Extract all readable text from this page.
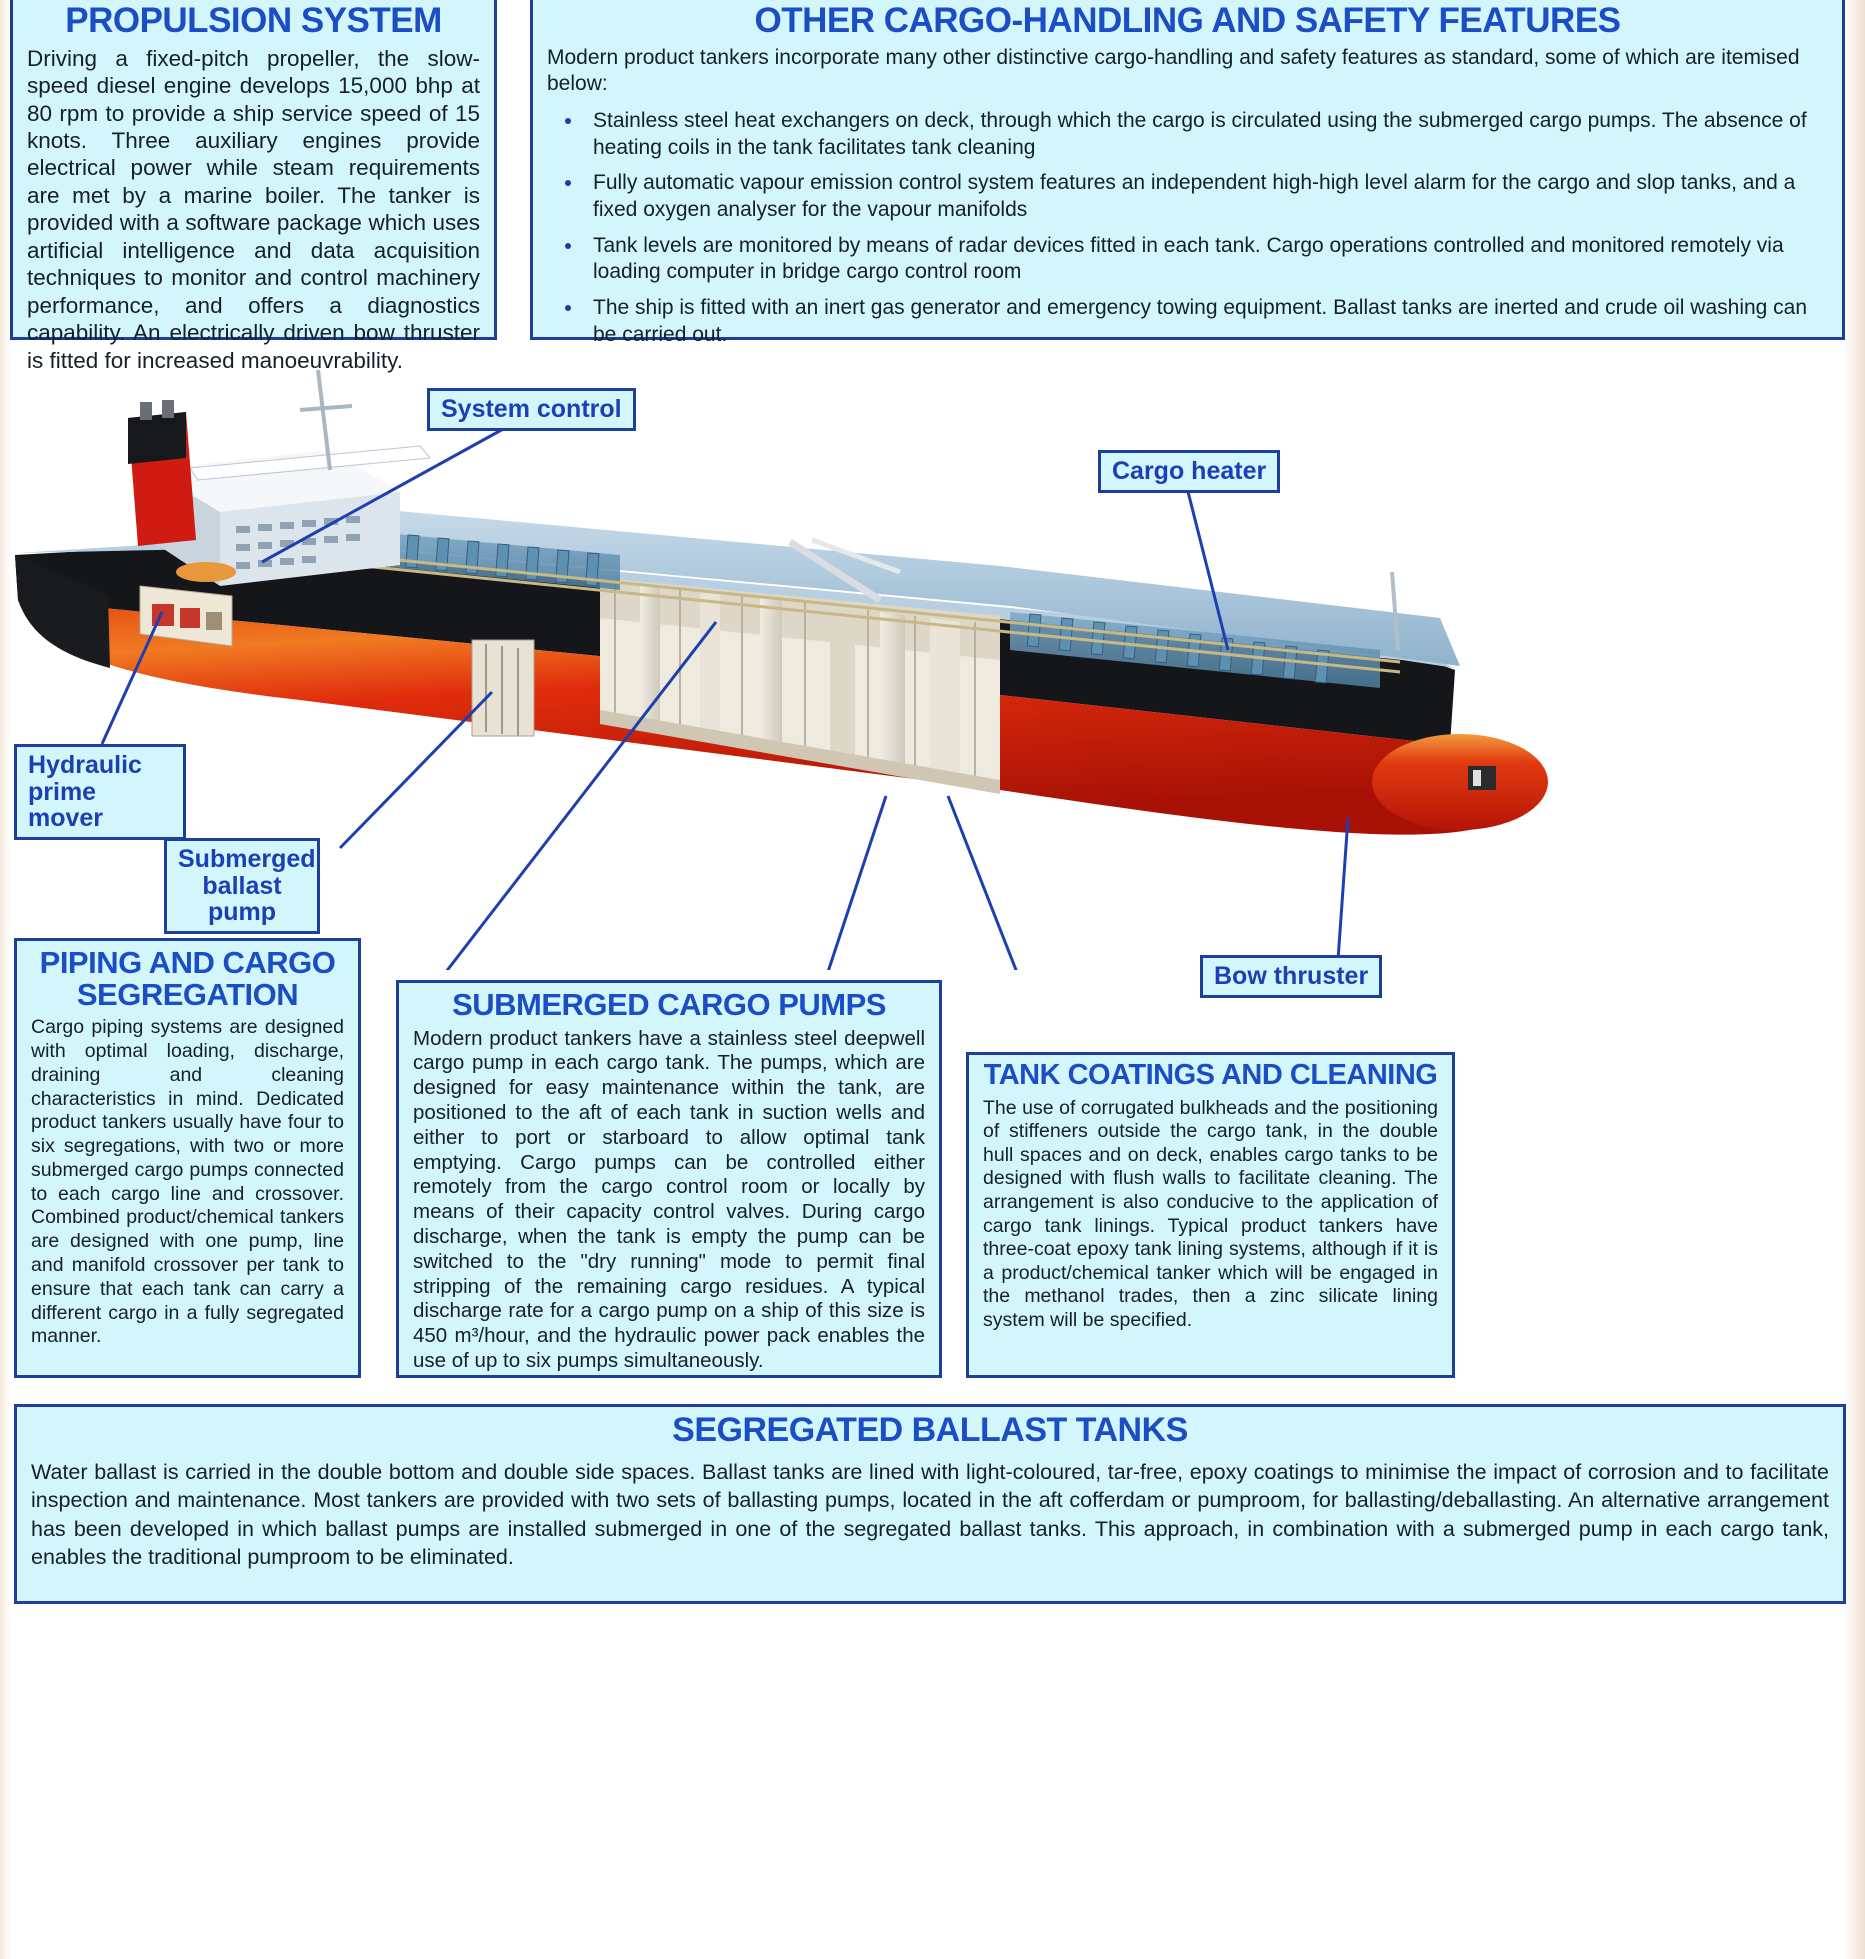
PROPULSION SYSTEM

Driving a fixed-pitch propeller, the slow-speed diesel engine develops 15,000 bhp at 80 rpm to provide a ship service speed of 15 knots. Three auxiliary engines provide electrical power while steam requirements are met by a marine boiler. The tanker is provided with a software package which uses artificial intelligence and data acquisition techniques to monitor and control machinery performance, and offers a diagnostics capability. An electrically driven bow thruster is fitted for increased manoeuvrability.

OTHER CARGO-HANDLING AND SAFETY FEATURES

Modern product tankers incorporate many other distinctive cargo-handling and safety features as standard, some of which are itemised below:

Stainless steel heat exchangers on deck, through which the cargo is circulated using the submerged cargo pumps. The absence of heating coils in the tank facilitates tank cleaning
Fully automatic vapour emission control system features an independent high-high level alarm for the cargo and slop tanks, and a fixed oxygen analyser for the vapour manifolds
Tank levels are monitored by means of radar devices fitted in each tank. Cargo operations controlled and monitored remotely via loading computer in bridge cargo control room
The ship is fitted with an inert gas generator and emergency towing equipment. Ballast tanks are inerted and crude oil washing can be carried out.
System control
Cargo heater
Hydraulic
prime mover
Submerged
ballast pump
Bow thruster
PIPING AND CARGO SEGREGATION

Cargo piping systems are designed with optimal loading, discharge, draining and cleaning characteristics in mind. Dedicated product tankers usually have four to six segregations, with two or more submerged cargo pumps connected to each cargo line and crossover. Combined product/chemical tankers are designed with one pump, line and manifold crossover per tank to ensure that each tank can carry a different cargo in a fully segregated manner.

SUBMERGED CARGO PUMPS

Modern product tankers have a stainless steel deepwell cargo pump in each cargo tank. The pumps, which are designed for easy maintenance within the tank, are positioned to the aft of each tank in suction wells and either to port or starboard to allow optimal tank emptying. Cargo pumps can be controlled either remotely from the cargo control room or locally by means of their capacity control valves. During cargo discharge, when the tank is empty the pump can be switched to the "dry running" mode to permit final stripping of the remaining cargo residues. A typical discharge rate for a cargo pump on a ship of this size is 450 m³/hour, and the hydraulic power pack enables the use of up to six pumps simultaneously.

TANK COATINGS AND CLEANING

The use of corrugated bulkheads and the positioning of stiffeners outside the cargo tank, in the double hull spaces and on deck, enables cargo tanks to be designed with flush walls to facilitate cleaning. The arrangement is also conducive to the application of cargo tank linings. Typical product tankers have three-coat epoxy tank lining systems, although if it is a product/chemical tanker which will be engaged in the methanol trades, then a zinc silicate lining system will be specified.

SEGREGATED BALLAST TANKS

Water ballast is carried in the double bottom and double side spaces. Ballast tanks are lined with light-coloured, tar-free, epoxy coatings to minimise the impact of corrosion and to facilitate inspection and maintenance. Most tankers are provided with two sets of ballasting pumps, located in the aft cofferdam or pumproom, for ballasting/deballasting. An alternative arrangement has been developed in which ballast pumps are installed submerged in one of the segregated ballast tanks. This approach, in combination with a submerged pump in each cargo tank, enables the traditional pumproom to be eliminated.
